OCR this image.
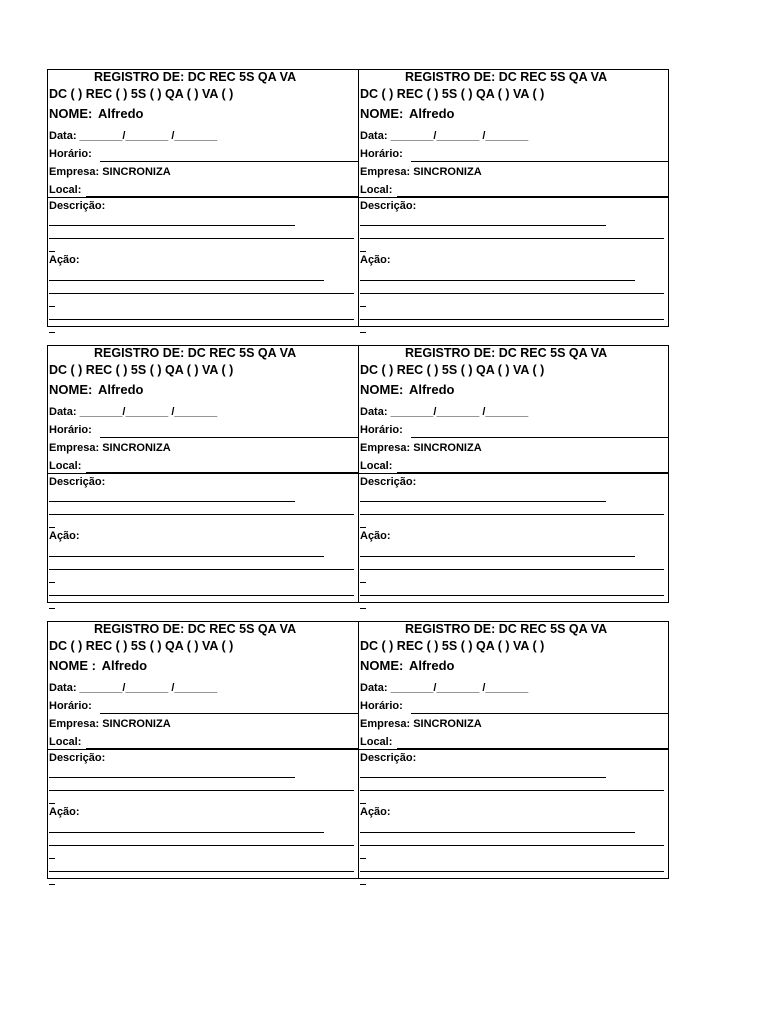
REGISTRO DE: DC REC 5S QA VA
DC ( ) REC ( ) 5S ( ) QA ( ) VA ( )
NOME: Alfredo
Data: _______/_______ /_______
Horário:
Empresa: SINCRONIZA
Local:
Descrição:
Ação:
REGISTRO DE: DC REC 5S QA VA
DC ( ) REC ( ) 5S ( ) QA ( ) VA ( )
NOME: Alfredo
Data: _______/_______ /_______
Horário:
Empresa: SINCRONIZA
Local:
Descrição:
Ação:
REGISTRO DE: DC REC 5S QA VA
DC ( ) REC ( ) 5S ( ) QA ( ) VA ( )
NOME: Alfredo
Data: _______/_______ /_______
Horário:
Empresa: SINCRONIZA
Local:
Descrição:
Ação:
REGISTRO DE: DC REC 5S QA VA
DC ( ) REC ( ) 5S ( ) QA ( ) VA ( )
NOME: Alfredo
Data: _______/_______ /_______
Horário:
Empresa: SINCRONIZA
Local:
Descrição:
Ação:
REGISTRO DE: DC REC 5S QA VA
DC ( ) REC ( ) 5S ( ) QA ( ) VA ( )
NOME : Alfredo
Data: _______/_______ /_______
Horário:
Empresa: SINCRONIZA
Local:
Descrição:
Ação:
REGISTRO DE: DC REC 5S QA VA
DC ( ) REC ( ) 5S ( ) QA ( ) VA ( )
NOME: Alfredo
Data: _______/_______ /_______
Horário:
Empresa: SINCRONIZA
Local:
Descrição:
Ação:
